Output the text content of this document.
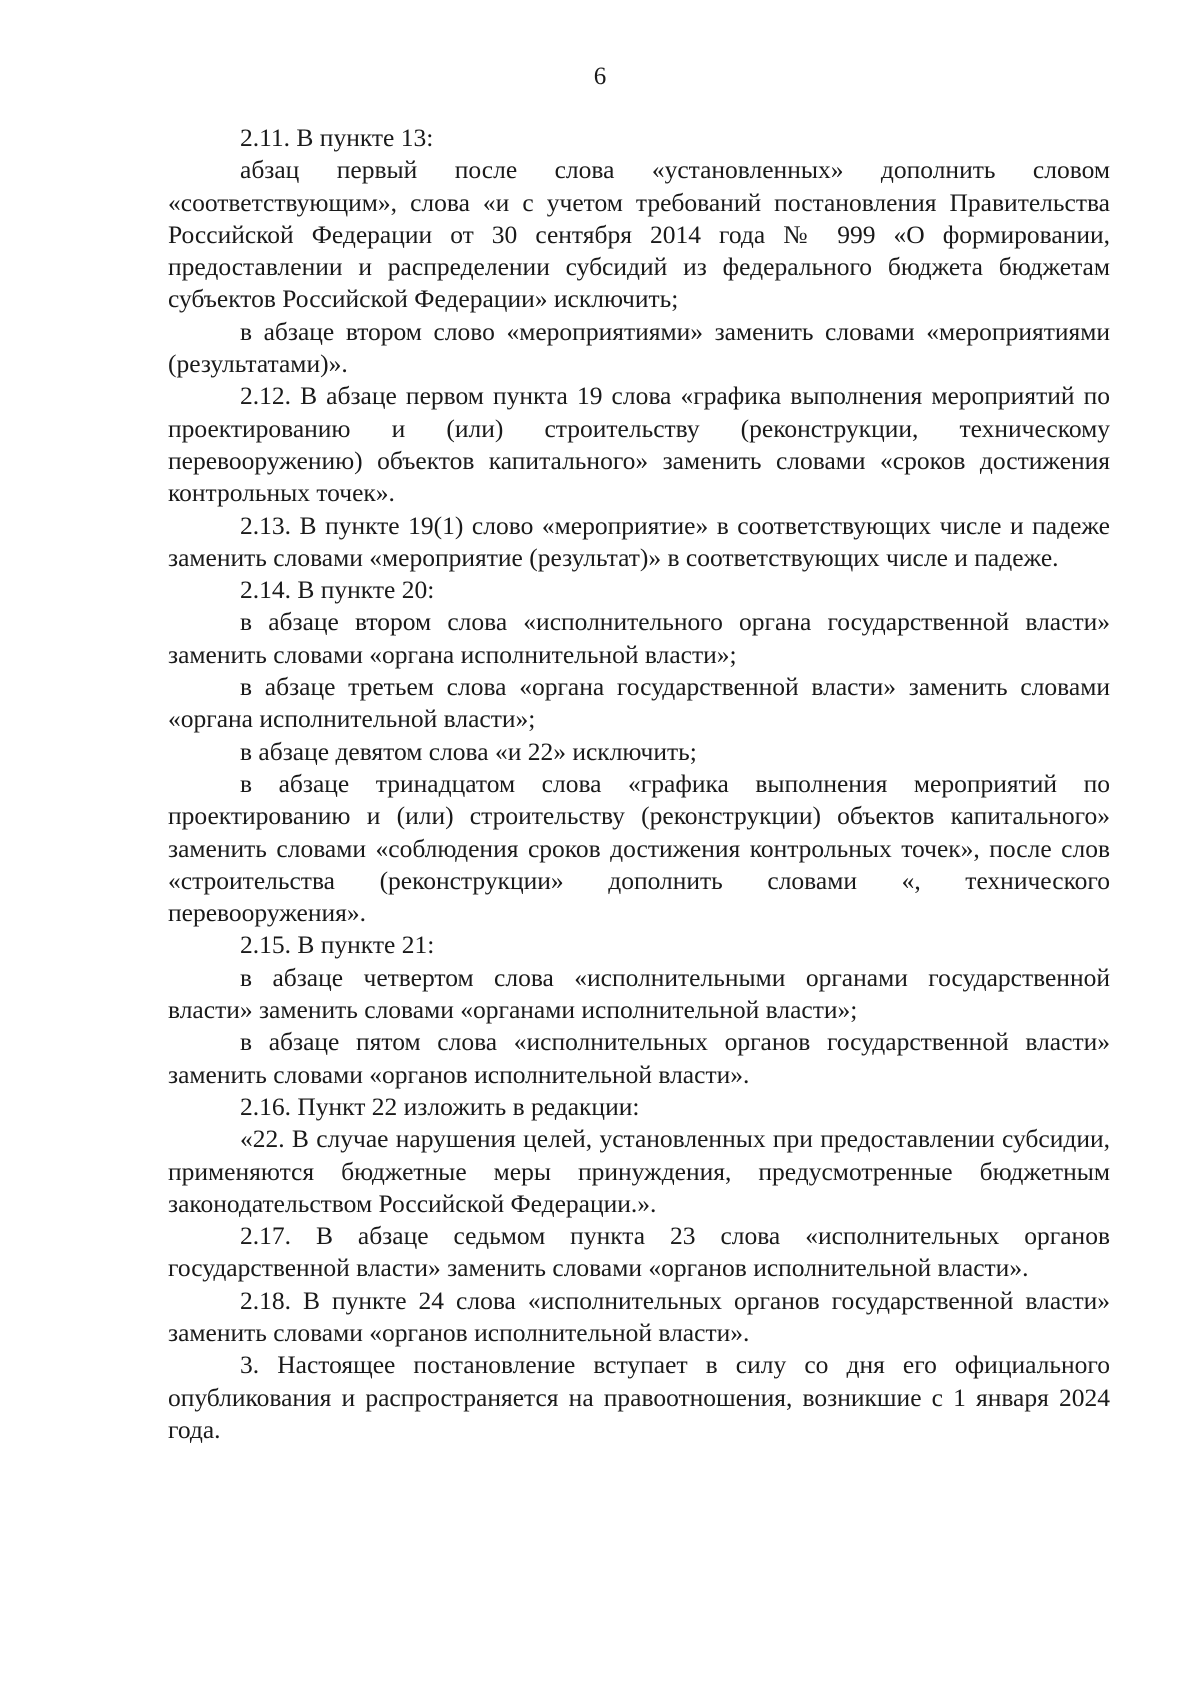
6

2.11. В пункте 13:

абзац первый после слова «установленных» дополнить словом «соответствующим», слова «и с учетом требований постановления Правительства Российской Федерации от 30 сентября 2014 года № 999 «О формировании, предоставлении и распределении субсидий из федерального бюджета бюджетам субъектов Российской Федерации» исключить;

в абзаце втором слово «мероприятиями» заменить словами «мероприятиями (результатами)».

2.12. В абзаце первом пункта 19 слова «графика выполнения мероприятий по проектированию и (или) строительству (реконструкции, техническому перевооружению) объектов капитального» заменить словами «сроков достижения контрольных точек».

2.13. В пункте 19(1) слово «мероприятие» в соответствующих числе и падеже заменить словами «мероприятие (результат)» в соответствующих числе и падеже.

2.14. В пункте 20:

в абзаце втором слова «исполнительного органа государственной власти» заменить словами «органа исполнительной власти»;

в абзаце третьем слова «органа государственной власти» заменить словами «органа исполнительной власти»;

в абзаце девятом слова «и 22» исключить;

в абзаце тринадцатом слова «графика выполнения мероприятий по проектированию и (или) строительству (реконструкции) объектов капитального» заменить словами «соблюдения сроков достижения контрольных точек», после слов «строительства (реконструкции» дополнить словами «, технического перевооружения».

2.15. В пункте 21:

в абзаце четвертом слова «исполнительными органами государственной власти» заменить словами «органами исполнительной власти»;

в абзаце пятом слова «исполнительных органов государственной власти» заменить словами «органов исполнительной власти».

2.16. Пункт 22 изложить в редакции:

«22. В случае нарушения целей, установленных при предоставлении субсидии, применяются бюджетные меры принуждения, предусмотренные бюджетным законодательством Российской Федерации.».

2.17. В абзаце седьмом пункта 23 слова «исполнительных органов государственной власти» заменить словами «органов исполнительной власти».

2.18. В пункте 24 слова «исполнительных органов государственной власти» заменить словами «органов исполнительной власти».

3. Настоящее постановление вступает в силу со дня его официального опубликования и распространяется на правоотношения, возникшие с 1 января 2024 года.
